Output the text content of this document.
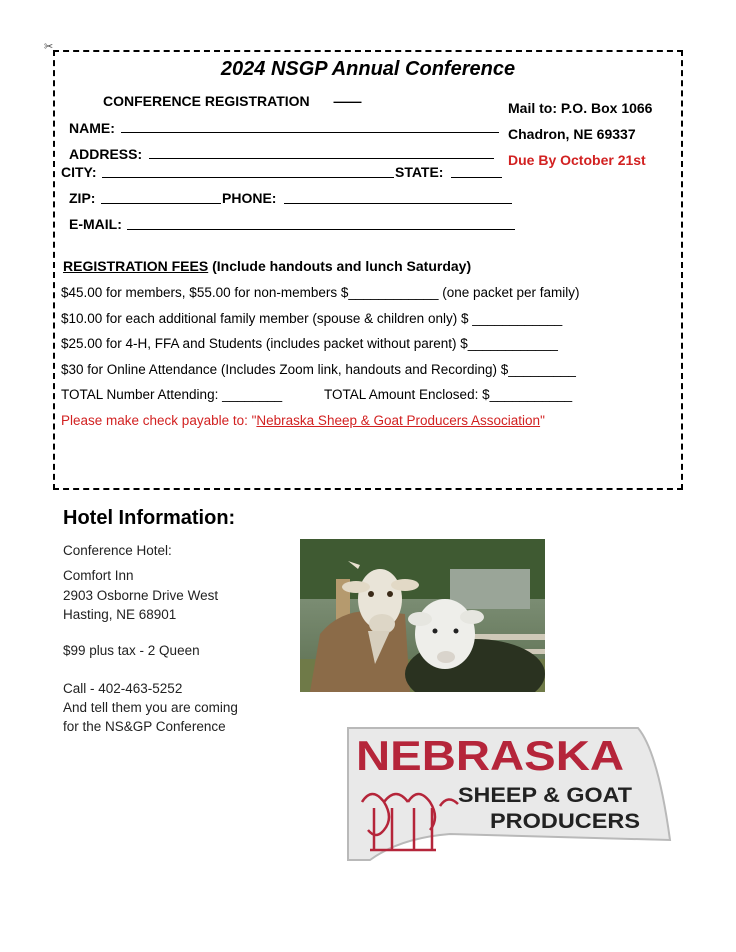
✂
2024 NSGP Annual Conference
CONFERENCE REGISTRATION ——	Mail to: P.O. Box 1066
Chadron, NE 69337
Due By October 21st
NAME:
ADDRESS:
CITY:	STATE:
ZIP:	PHONE:
E-MAIL:
REGISTRATION FEES (Include handouts and lunch Saturday)
$45.00 for members, $55.00 for non-members $____________ (one packet per family)
$10.00 for each additional family member (spouse & children only) $ ____________
$25.00 for 4-H, FFA and Students (includes packet without parent) $____________
$30 for Online Attendance (Includes Zoom link, handouts and Recording) $_________
TOTAL Number Attending: ________	TOTAL Amount Enclosed: $___________
Please make check payable to: "Nebraska Sheep & Goat Producers Association"
Hotel Information:
Conference Hotel:
Comfort Inn
2903 Osborne Drive West
Hasting, NE 68901
$99 plus tax - 2 Queen
Call - 402-463-5252
And tell them you are coming
for the NS&GP Conference
NEBRASKA
SHEEP & GOAT
PRODUCERS
